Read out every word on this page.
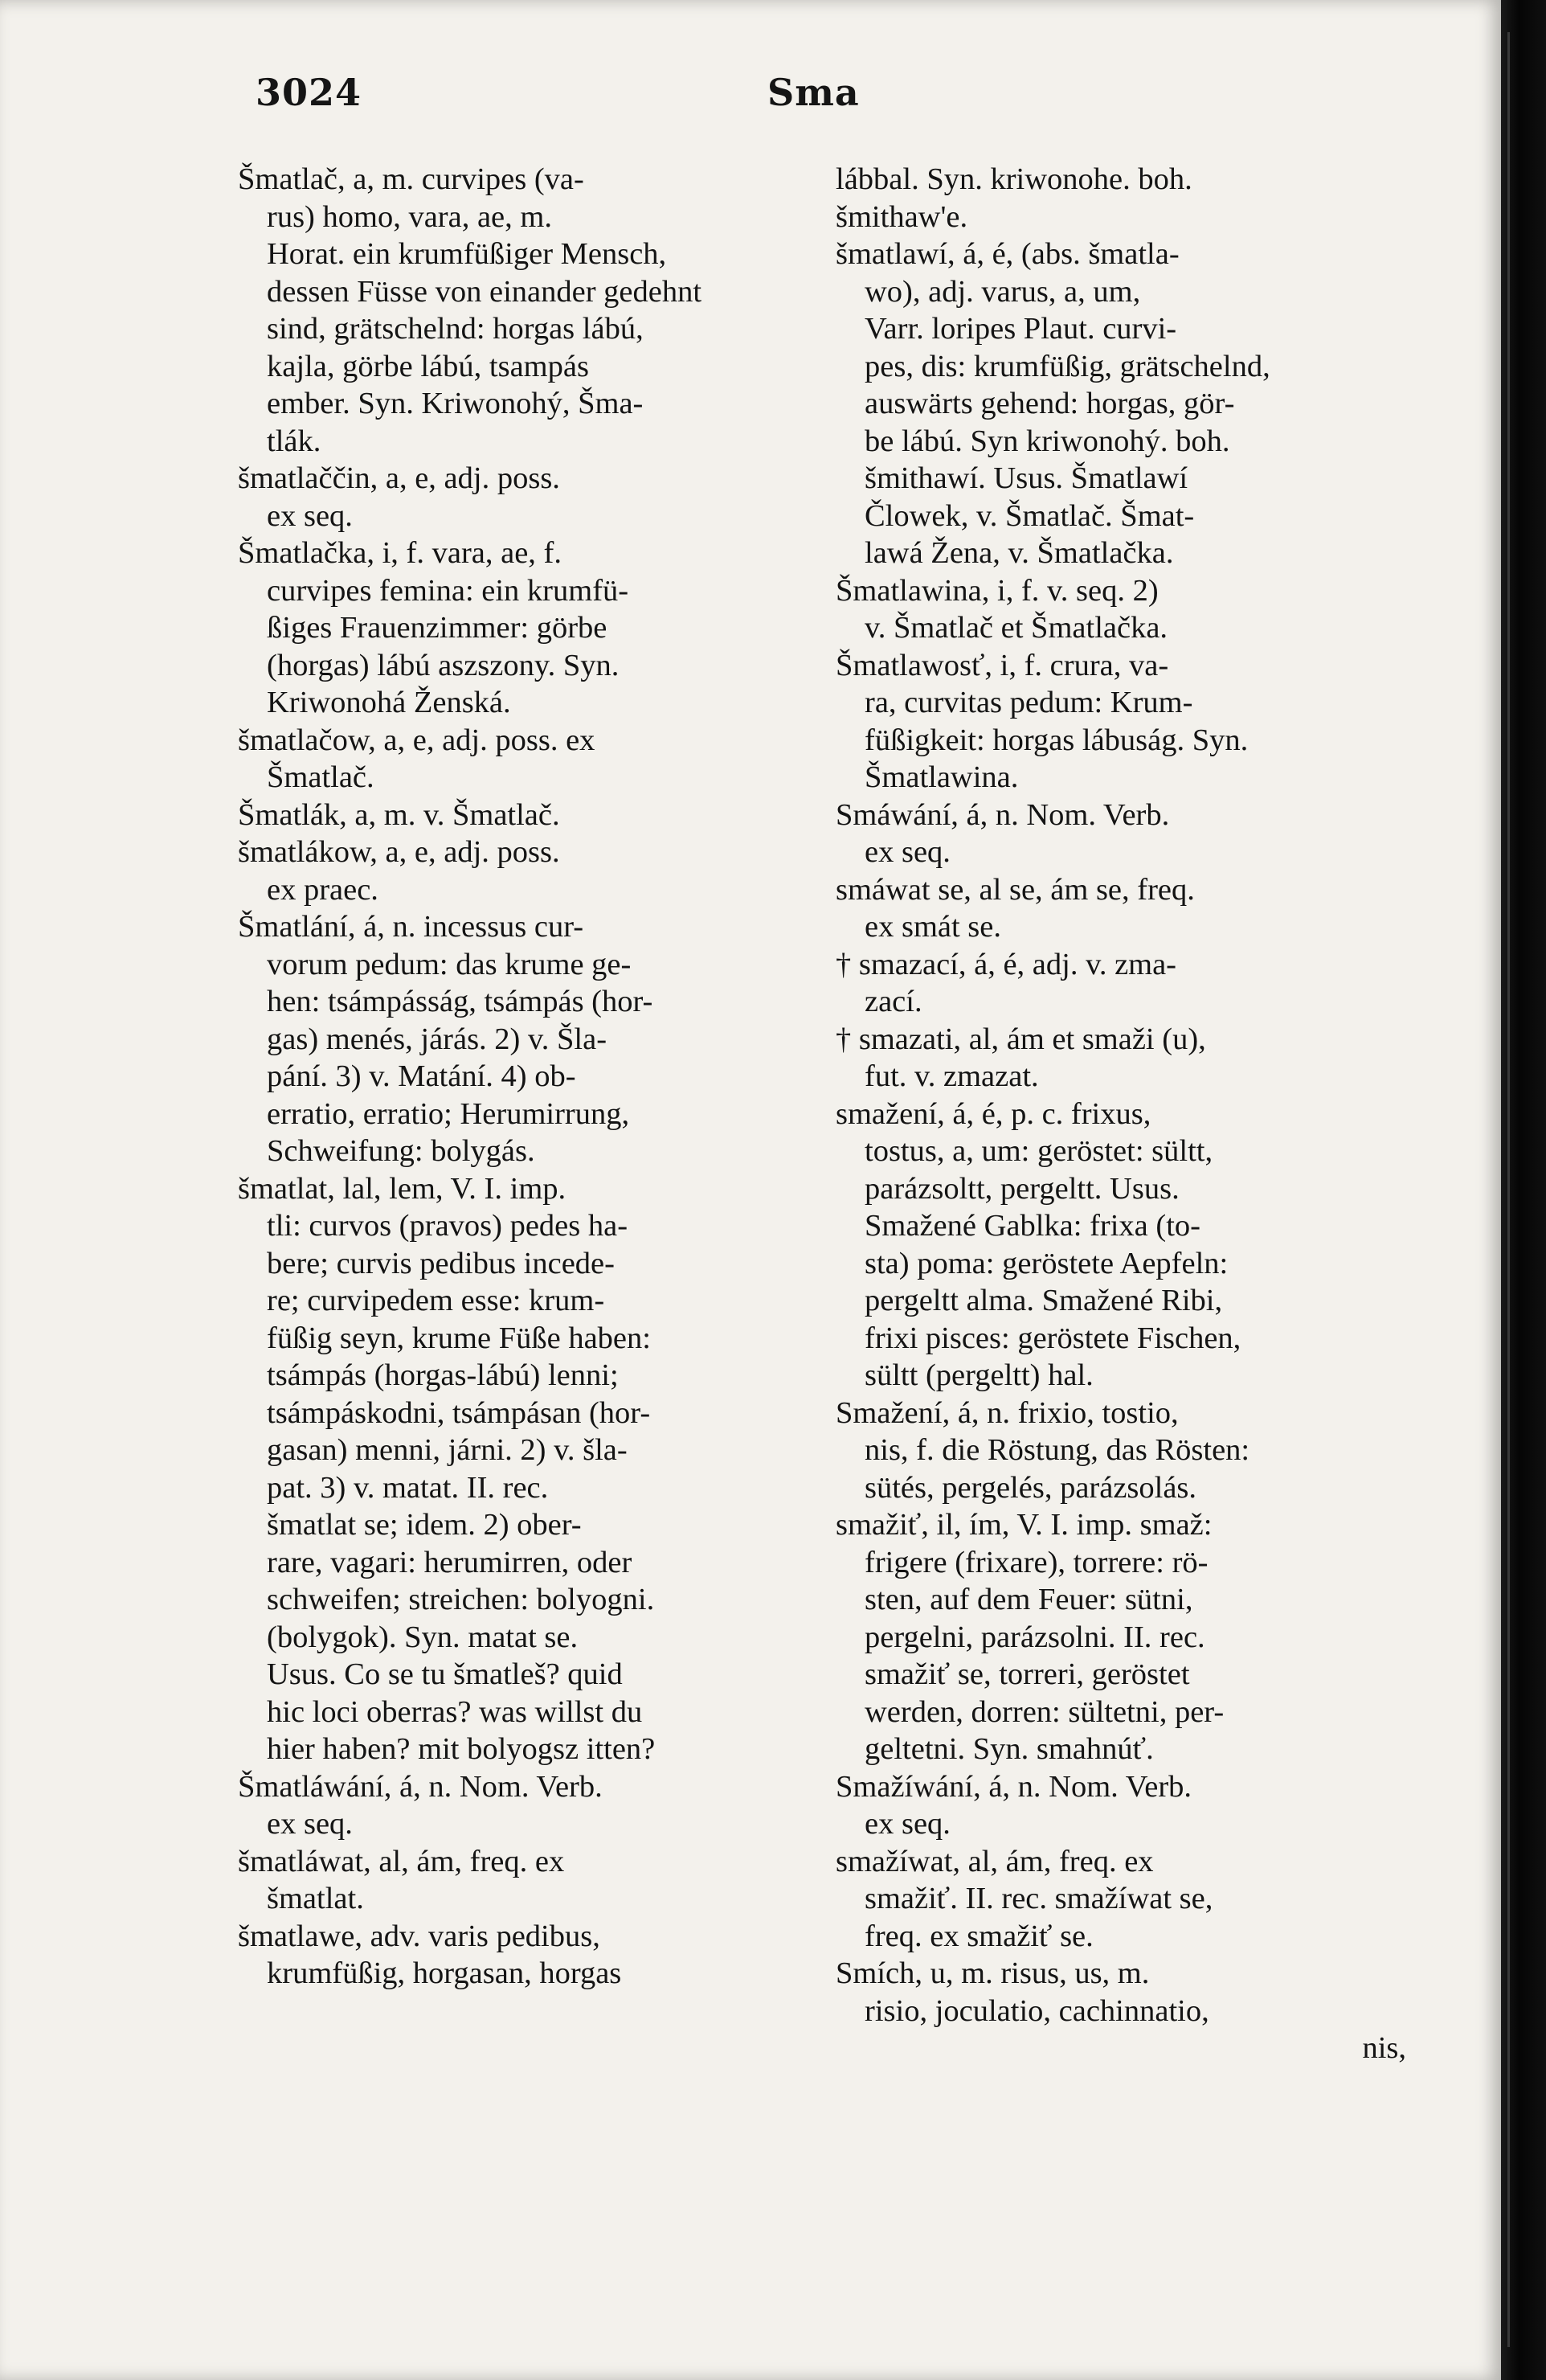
3024	Sma
Šmatlač, a, m. curvipes (va-
rus) homo, vara, ae, m.
Horat. ein krumfüßiger Mensch,
dessen Füsse von einander gedehnt
sind, grätschelnd: horgas lábú,
kajla, görbe lábú, tsampás
ember. Syn. Kriwonohý, Šma-
tlák.
šmatlaččin, a, e, adj. poss.
ex seq.
Šmatlačka, i, f. vara, ae, f.
curvipes femina: ein krumfü-
ßiges Frauenzimmer: görbe
(horgas) lábú aszszony. Syn.
Kriwonohá Ženská.
šmatlačow, a, e, adj. poss. ex
Šmatlač.
Šmatlák, a, m. v. Šmatlač.
šmatlákow, a, e, adj. poss.
ex praec.
Šmatlání, á, n. incessus cur-
vorum pedum: das krume ge-
hen: tsámpásság, tsámpás (hor-
gas) menés, járás. 2) v. Šla-
pání. 3) v. Matání. 4) ob-
erratio, erratio; Herumirrung,
Schweifung: bolygás.
šmatlat, lal, lem, V. I. imp.
tli: curvos (pravos) pedes ha-
bere; curvis pedibus incede-
re; curvipedem esse: krum-
füßig seyn, krume Füße haben:
tsámpás (horgas-lábú) lenni;
tsámpáskodni, tsámpásan (hor-
gasan) menni, járni. 2) v. šla-
pat. 3) v. matat. II. rec.
šmatlat se; idem. 2) ober-
rare, vagari: herumirren, oder
schweifen; streichen: bolyogni.
(bolygok). Syn. matat se.
Usus. Co se tu šmatleš? quid
hic loci oberras? was willst du
hier haben? mit bolyogsz itten?
Šmatláwání, á, n. Nom. Verb.
ex seq.
šmatláwat, al, ám, freq. ex
šmatlat.
šmatlawe, adv. varis pedibus,
krumfüßig, horgasan, horgas
lábbal. Syn. kriwonohe. boh.
šmithaw'e.
šmatlawí, á, é, (abs. šmatla-
wo), adj. varus, a, um,
Varr. loripes Plaut. curvi-
pes, dis: krumfüßig, grätschelnd,
auswärts gehend: horgas, gör-
be lábú. Syn kriwonohý. boh.
šmithawí. Usus. Šmatlawí
Člowek, v. Šmatlač. Šmat-
lawá Žena, v. Šmatlačka.
Šmatlawina, i, f. v. seq. 2)
v. Šmatlač et Šmatlačka.
Šmatlawosť, i, f. crura, va-
ra, curvitas pedum: Krum-
füßigkeit: horgas lábuság. Syn.
Šmatlawina.
Smáwání, á, n. Nom. Verb.
ex seq.
smáwat se, al se, ám se, freq.
ex smát se.
† smazací, á, é, adj. v. zma-
zací.
† smazati, al, ám et smaži (u),
fut. v. zmazat.
smažení, á, é, p. c. frixus,
tostus, a, um: geröstet: sültt,
parázsoltt, pergeltt. Usus.
Smažené Gablka: frixa (to-
sta) poma: geröstete Aepfeln:
pergeltt alma. Smažené Ribi,
frixi pisces: geröstete Fischen,
sültt (pergeltt) hal.
Smažení, á, n. frixio, tostio,
nis, f. die Röstung, das Rösten:
sütés, pergelés, parázsolás.
smažiť, il, ím, V. I. imp. smaž:
frigere (frixare), torrere: rö-
sten, auf dem Feuer: sütni,
pergelni, parázsolni. II. rec.
smažiť se, torreri, geröstet
werden, dorren: sültetni, per-
geltetni. Syn. smahnúť.
Smažíwání, á, n. Nom. Verb.
ex seq.
smažíwat, al, ám, freq. ex
smažiť. II. rec. smažíwat se,
freq. ex smažiť se.
Smích, u, m. risus, us, m.
risio, joculatio, cachinnatio,
nis,
